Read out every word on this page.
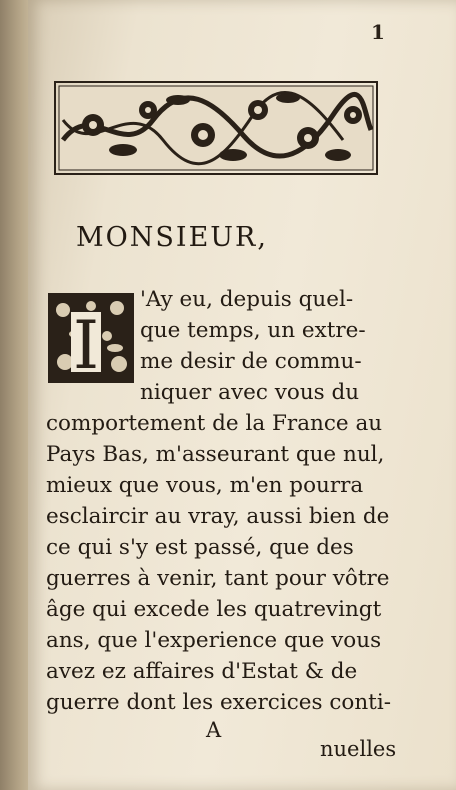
1
MONSIEUR,
I
'Ay eu, depuis quel-
que temps, un extre-
me desir de commu-
niquer avec vous du
comportement de la France au
Pays Bas, m'asseurant que nul,
mieux que vous, m'en pourra
esclaircir au vray, aussi bien de
ce qui s'y est passé, que des
guerres à venir, tant pour vôtre
âge qui excede les quatrevingt
ans, que l'experience que vous
avez ez affaires d'Estat & de
guerre dont les exercices conti-
A
nuelles
